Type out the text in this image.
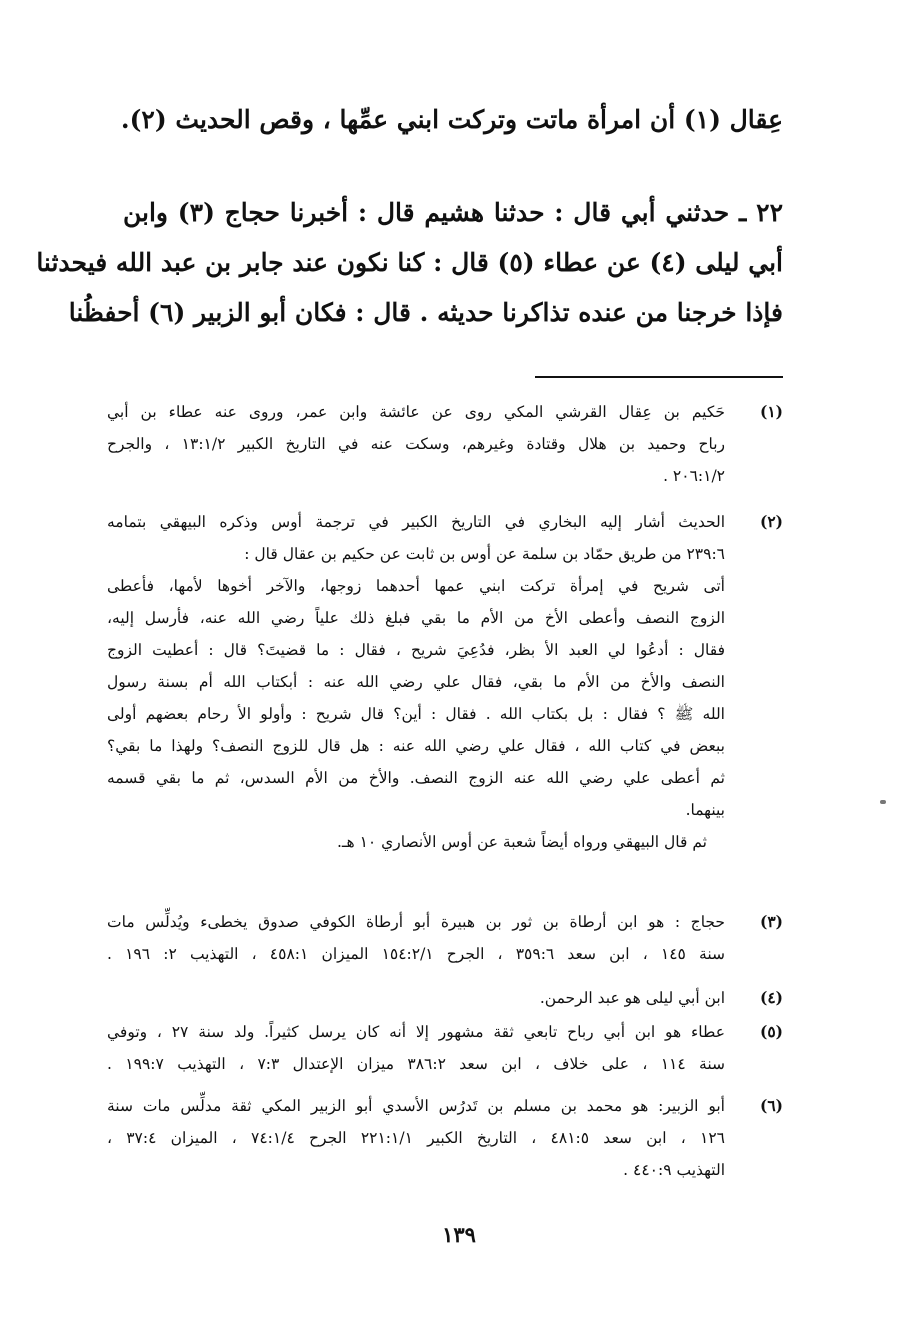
عِقال (١) أن امرأة ماتت وتركت ابني عمِّها ، وقص الحديث (٢).
٢٢ ـ حدثني أبي قال : حدثنا هشيم قال : أخبرنا حجاج (٣) وابن
أبي ليلى (٤) عن عطاء (٥) قال : كنا نكون عند جابر بن عبد الله فيحدثنا
فإذا خرجنا من عنده تذاكرنا حديثه . قال : فكان أبو الزبير (٦) أحفظُنا
(١)
حَكيم بن عِقال القرشي المكي روى عن عائشة وابن عمر، وروى عنه عطاء بن أبي
رباح وحميد بن هلال وقتادة وغيرهم، وسكت عنه في التاريخ الكبير ١٣:١/٢ ، والجرح
٢٠٦:١/٢ .
(٢)
الحديث أشار إليه البخاري في التاريخ الكبير في ترجمة أوس وذكره البيهقي بتمامه
٢٣٩:٦ من طريق حمّاد بن سلمة عن أوس بن ثابت عن حكيم بن عقال قال :
أتى شريح في إمرأة تركت ابني عمها أحدهما زوجها، والآخر أخوها لأمها، فأعطى
الزوج النصف وأعطى الأخ من الأم ما بقي فبلغ ذلك علياً رضي الله عنه، فأرسل إليه،
فقال : أدعُوا لي العبد الأ بظر، فدُعِيَ شريح ، فقال : ما قضيتَ؟ قال : أعطيت الزوج
النصف والأخ من الأم ما بقي، فقال علي رضي الله عنه : أبكتاب الله أم بسنة رسول
الله ﷺ ؟ فقال : بل بكتاب الله . فقال : أين؟ قال شريح : وأولو الأ رحام بعضهم أولى
ببعض في كتاب الله ، فقال علي رضي الله عنه : هل قال للزوج النصف؟ ولهذا ما بقي؟
ثم أعطى علي رضي الله عنه الزوج النصف. والأخ من الأم السدس، ثم ما بقي قسمه
بينهما.
ثم قال البيهقي ورواه أيضاً شعبة عن أوس الأنصاري ١٠ هـ.
(٣)
حجاج : هو ابن أرطاة بن ثور بن هبيرة أبو أرطاة الكوفي صدوق يخطىء ويُدلِّس مات
سنة ١٤٥ ، ابن سعد ٣٥٩:٦ ، الجرح ١٥٤:٢/١ الميزان ٤٥٨:١ ، التهذيب ٢: ١٩٦ .
(٤)
ابن أبي ليلى هو عبد الرحمن.
(٥)
عطاء هو ابن أبي رباح تابعي ثقة مشهور إلا أنه كان يرسل كثيراً. ولد سنة ٢٧ ، وتوفي
سنة ١١٤ ، على خلاف ، ابن سعد ٣٨٦:٢ ميزان الإعتدال ٧:٣ ، التهذيب ١٩٩:٧ .
(٦)
أبو الزبير: هو محمد بن مسلم بن تَدرُس الأسدي أبو الزبير المكي ثقة مدلِّس مات سنة
١٢٦ ، ابن سعد ٤٨١:٥ ، التاريخ الكبير ٢٢١:١/١ الجرح ٧٤:١/٤ ، الميزان ٣٧:٤ ،
التهذيب ٤٤٠:٩ .
١٣٩
